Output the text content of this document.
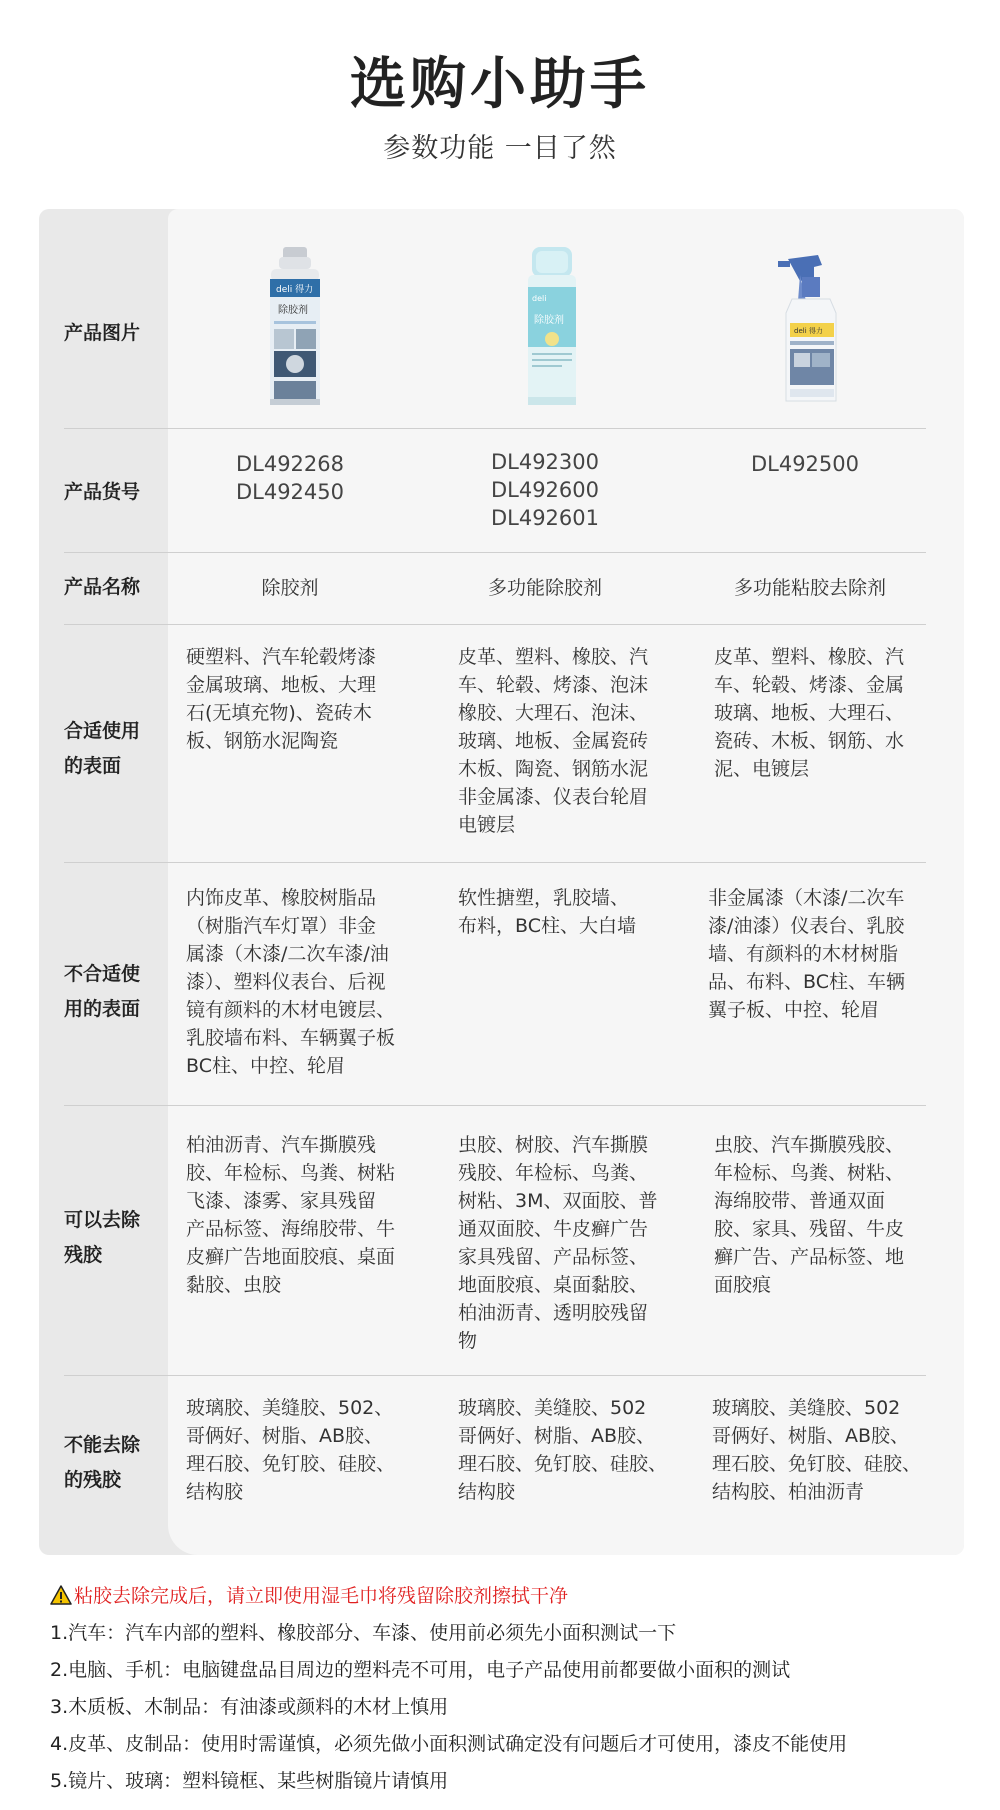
选购小助手
参数功能 一目了然
产品图片
产品货号
产品名称
合适使用
的表面
不合适使
用的表面
可以去除
残胶
不能去除
的残胶
deli 得力
除胶剂
deli
除胶剂
deli 得力
DL492268
DL492450
DL492300
DL492600
DL492601
DL492500
除胶剂	多功能除胶剂	多功能粘胶去除剂
硬塑料、汽车轮毂烤漆
金属玻璃、地板、大理
石(无填充物)、瓷砖木
板、钢筋水泥陶瓷
皮革、塑料、橡胶、汽
车、轮毂、烤漆、泡沫
橡胶、大理石、泡沫、
玻璃、地板、金属瓷砖
木板、陶瓷、钢筋水泥
非金属漆、仪表台轮眉
电镀层
皮革、塑料、橡胶、汽
车、轮毂、烤漆、金属
玻璃、地板、大理石、
瓷砖、木板、钢筋、水
泥、电镀层
内饰皮革、橡胶树脂品
（树脂汽车灯罩）非金
属漆（木漆/二次车漆/油
漆）、塑料仪表台、后视
镜有颜料的木材电镀层、
乳胶墙布料、车辆翼子板
BC柱、中控、轮眉
软性搪塑，乳胶墙、
布料，BC柱、大白墙
非金属漆（木漆/二次车
漆/油漆）仪表台、乳胶
墙、有颜料的木材树脂
品、布料、BC柱、车辆
翼子板、中控、轮眉
柏油沥青、汽车撕膜残
胶、年检标、鸟粪、树粘
飞漆、漆雾、家具残留
产品标签、海绵胶带、牛
皮癣广告地面胶痕、桌面
黏胶、虫胶
虫胶、树胶、汽车撕膜
残胶、年检标、鸟粪、
树粘、3M、双面胶、普
通双面胶、牛皮癣广告
家具残留、产品标签、
地面胶痕、桌面黏胶、
柏油沥青、透明胶残留
物
虫胶、汽车撕膜残胶、
年检标、鸟粪、树粘、
海绵胶带、普通双面
胶、家具、残留、牛皮
癣广告、产品标签、地
面胶痕
玻璃胶、美缝胶、502、
哥俩好、树脂、AB胶、
理石胶、免钉胶、硅胶、
结构胶
玻璃胶、美缝胶、502
哥俩好、树脂、AB胶、
理石胶、免钉胶、硅胶、
结构胶
玻璃胶、美缝胶、502
哥俩好、树脂、AB胶、
理石胶、免钉胶、硅胶、
结构胶、柏油沥青
粘胶去除完成后，请立即使用湿毛巾将残留除胶剂擦拭干净
1.汽车：汽车内部的塑料、橡胶部分、车漆、使用前必须先小面积测试一下
2.电脑、手机：电脑键盘品目周边的塑料壳不可用，电子产品使用前都要做小面积的测试
3.木质板、木制品：有油漆或颜料的木材上慎用
4.皮革、皮制品：使用时需谨慎，必须先做小面积测试确定没有问题后才可使用，漆皮不能使用
5.镜片、玻璃：塑料镜框、某些树脂镜片请慎用
